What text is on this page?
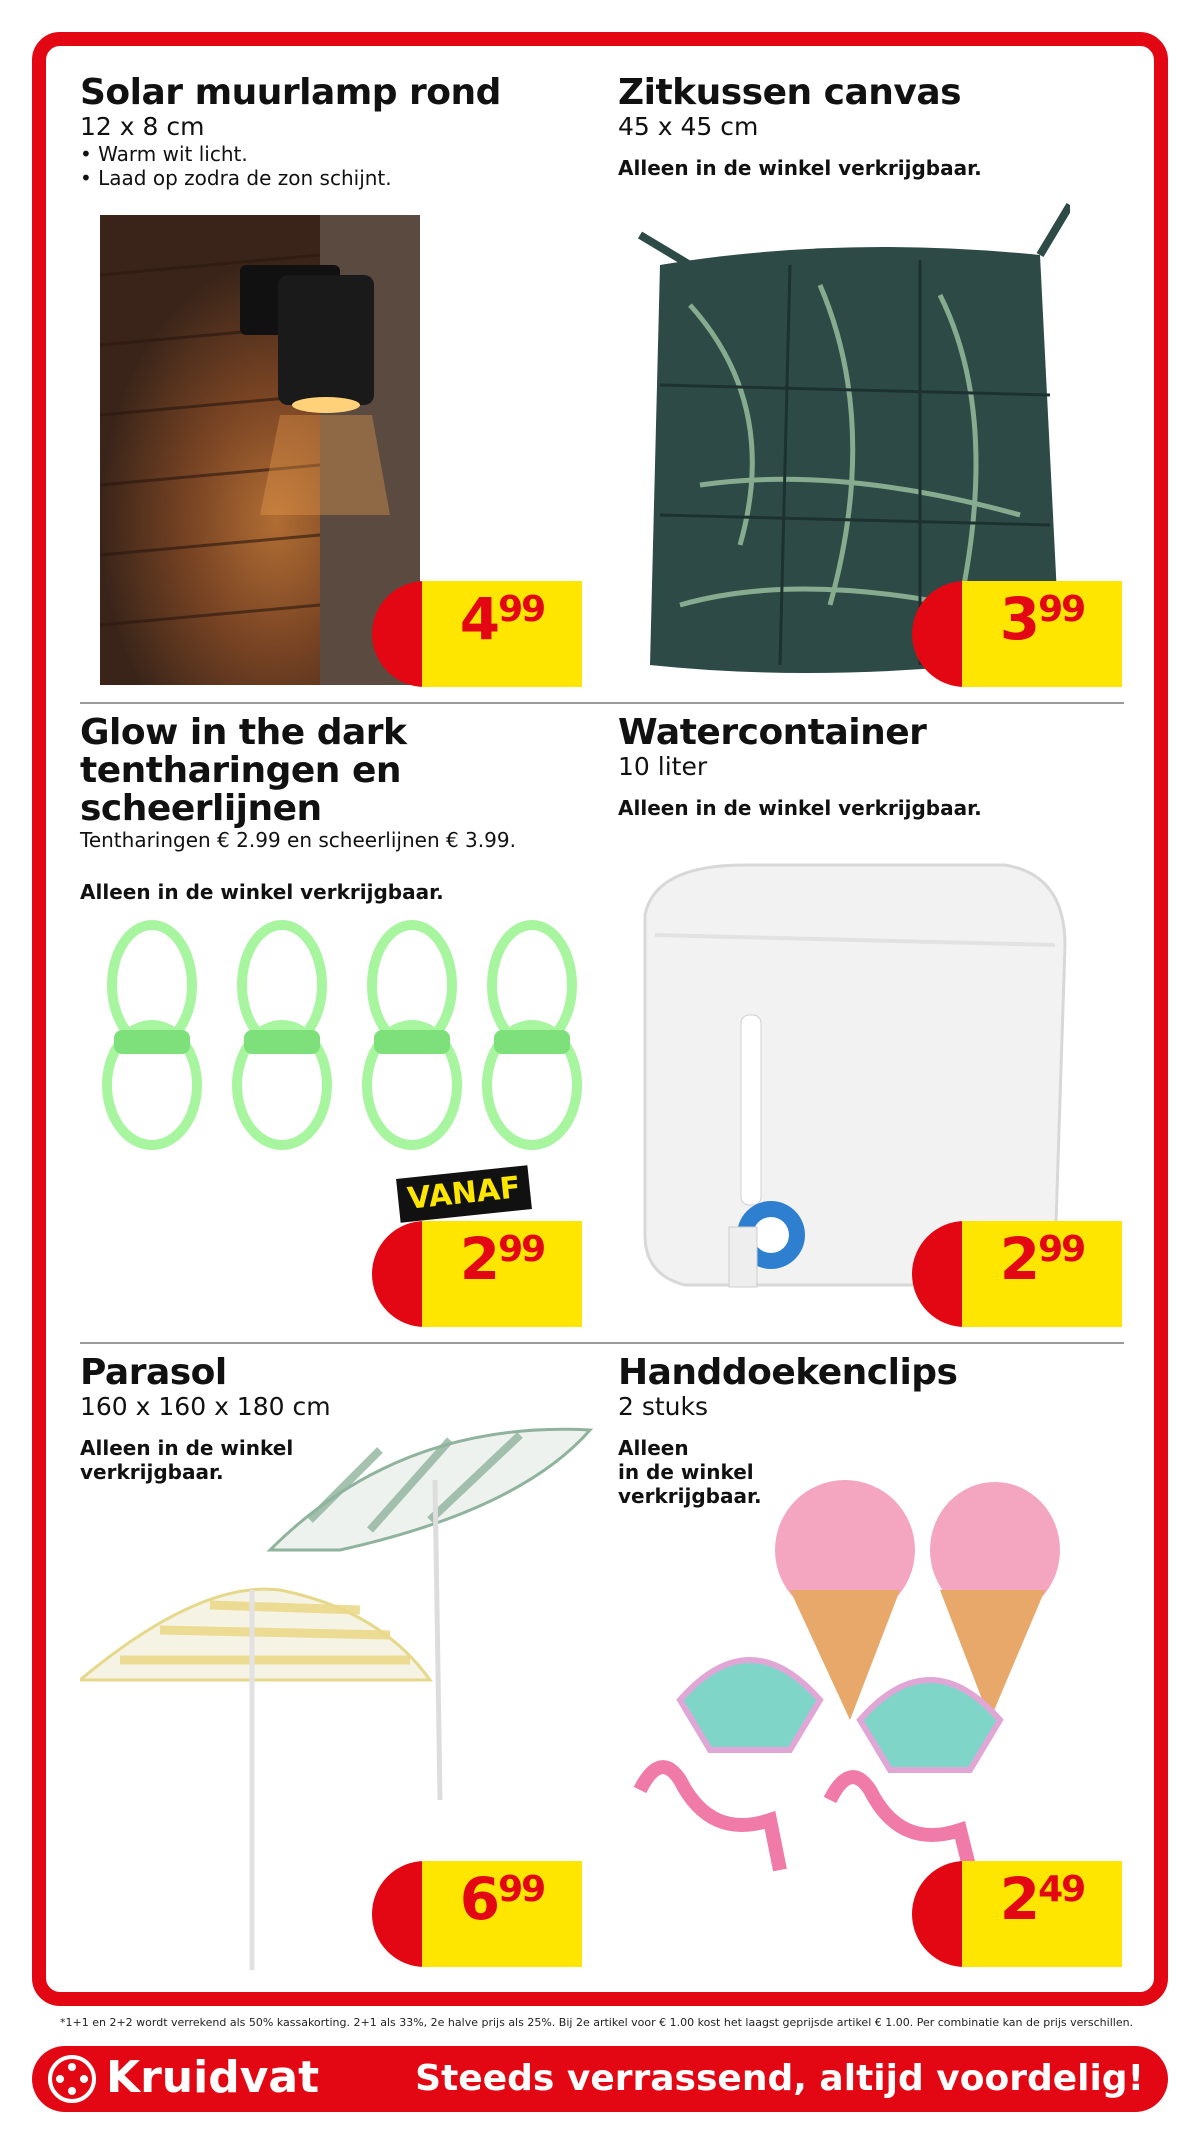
Solar muurlamp rond
12 x 8 cm
• Warm wit licht.
• Laad op zodra de zon schijnt.
$4^{99}$
Zitkussen canvas
45 x 45 cm
Alleen in de winkel verkrijgbaar.
$3^{99}$
Glow in the dark
tentharingen en scheerlijnen
Tentharingen € 2.99 en scheerlijnen € 3.99.
Alleen in de winkel verkrijgbaar.
VANAF
$2^{99}$
Watercontainer
10 liter
Alleen in de winkel verkrijgbaar.
$2^{99}$
Parasol
160 x 160 x 180 cm
Alleen in de winkel
verkrijgbaar.
$6^{99}$
Handdoekenclips
2 stuks
Alleen
in de winkel
verkrijgbaar.
$2^{49}$
*1+1 en 2+2 wordt verrekend als 50% kassakorting. 2+1 als 33%, 2e halve prijs als 25%. Bij 2e artikel voor € 1.00 kost het laagst geprijsde artikel € 1.00. Per combinatie kan de prijs verschillen.
Kruidvat	Steeds verrassend, altijd voordelig!
